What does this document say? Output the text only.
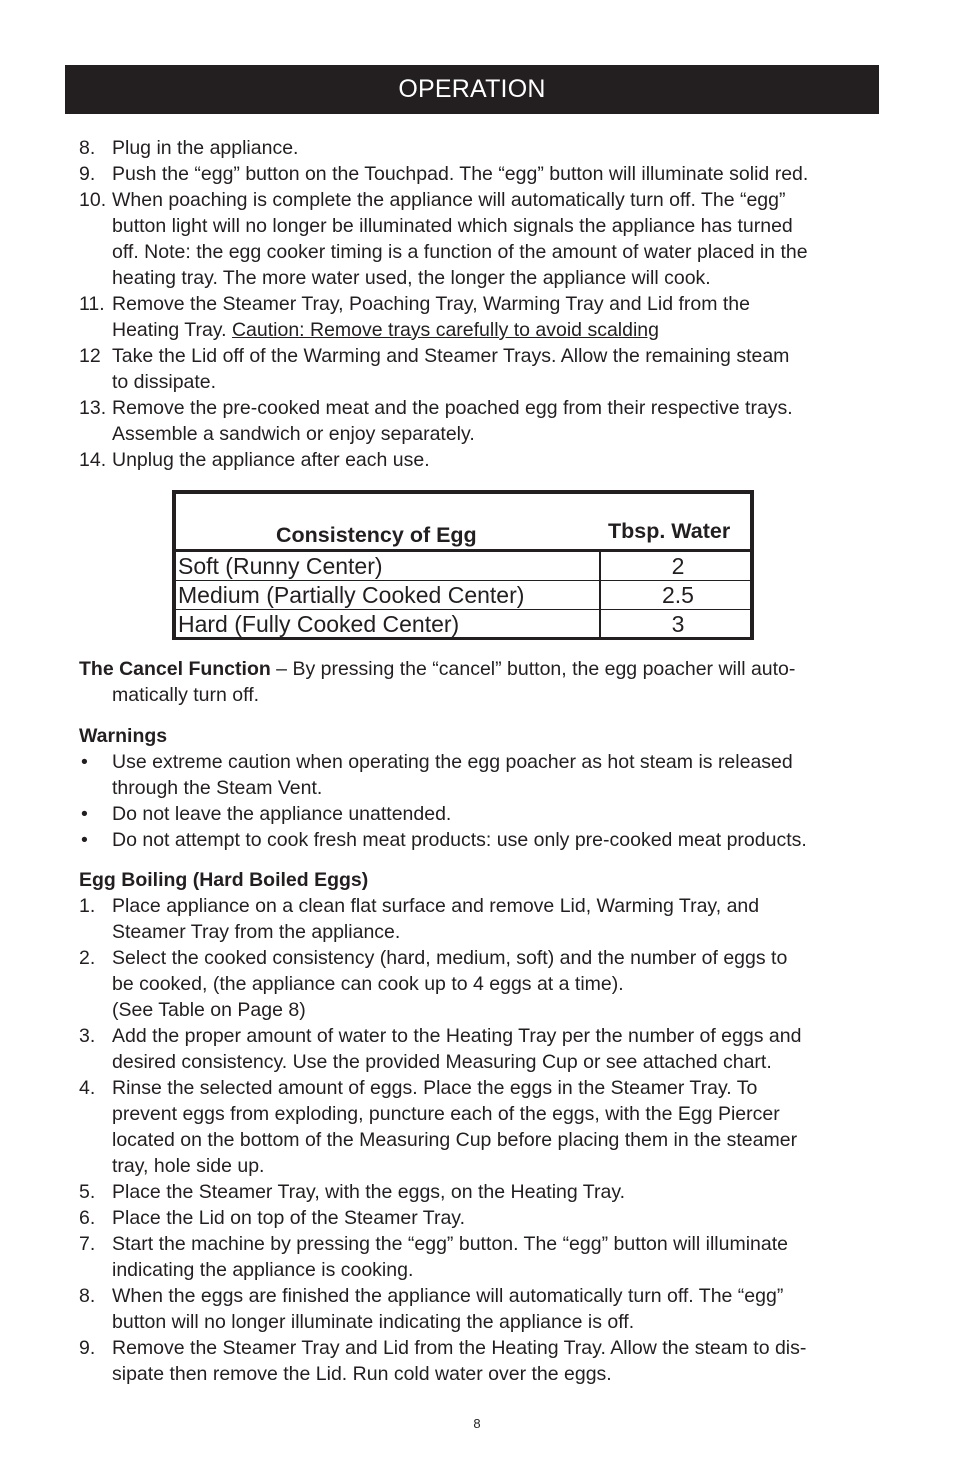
OPERATION
8. Plug in the appliance.
9. Push the “egg” button on the Touchpad. The “egg” button will illuminate solid red.
10. When poaching is complete the appliance will automatically turn off. The “egg”
button light will no longer be illuminated which signals the appliance has turned
off. Note: the egg cooker timing is a function of the amount of water placed in the
heating tray. The more water used, the longer the appliance will cook.
11. Remove the Steamer Tray, Poaching Tray, Warming Tray and Lid from the
Heating Tray. Caution: Remove trays carefully to avoid scalding
12 Take the Lid off of the Warming and Steamer Trays. Allow the remaining steam
to dissipate.
13. Remove the pre-cooked meat and the poached egg from their respective trays.
Assemble a sandwich or enjoy separately.
14. Unplug the appliance after each use.
Consistency of Egg	Tbsp. Water
Soft (Runny Center)	2
Medium (Partially Cooked Center)	2.5
Hard (Fully Cooked Center)	3
The Cancel Function – By pressing the “cancel” button, the egg poacher will auto-
matically turn off.
Warnings
• Use extreme caution when operating the egg poacher as hot steam is released
through the Steam Vent.
• Do not leave the appliance unattended.
• Do not attempt to cook fresh meat products: use only pre-cooked meat products.
Egg Boiling (Hard Boiled Eggs)
1. Place appliance on a clean flat surface and remove Lid, Warming Tray, and
Steamer Tray from the appliance.
2. Select the cooked consistency (hard, medium, soft) and the number of eggs to
be cooked, (the appliance can cook up to 4 eggs at a time).
(See Table on Page 8)
3. Add the proper amount of water to the Heating Tray per the number of eggs and
desired consistency. Use the provided Measuring Cup or see attached chart.
4. Rinse the selected amount of eggs. Place the eggs in the Steamer Tray. To
prevent eggs from exploding, puncture each of the eggs, with the Egg Piercer
located on the bottom of the Measuring Cup before placing them in the steamer
tray, hole side up.
5. Place the Steamer Tray, with the eggs, on the Heating Tray.
6. Place the Lid on top of the Steamer Tray.
7. Start the machine by pressing the “egg” button. The “egg” button will illuminate
indicating the appliance is cooking.
8. When the eggs are finished the appliance will automatically turn off. The “egg”
button will no longer illuminate indicating the appliance is off.
9. Remove the Steamer Tray and Lid from the Heating Tray. Allow the steam to dis-
sipate then remove the Lid. Run cold water over the eggs.
8
